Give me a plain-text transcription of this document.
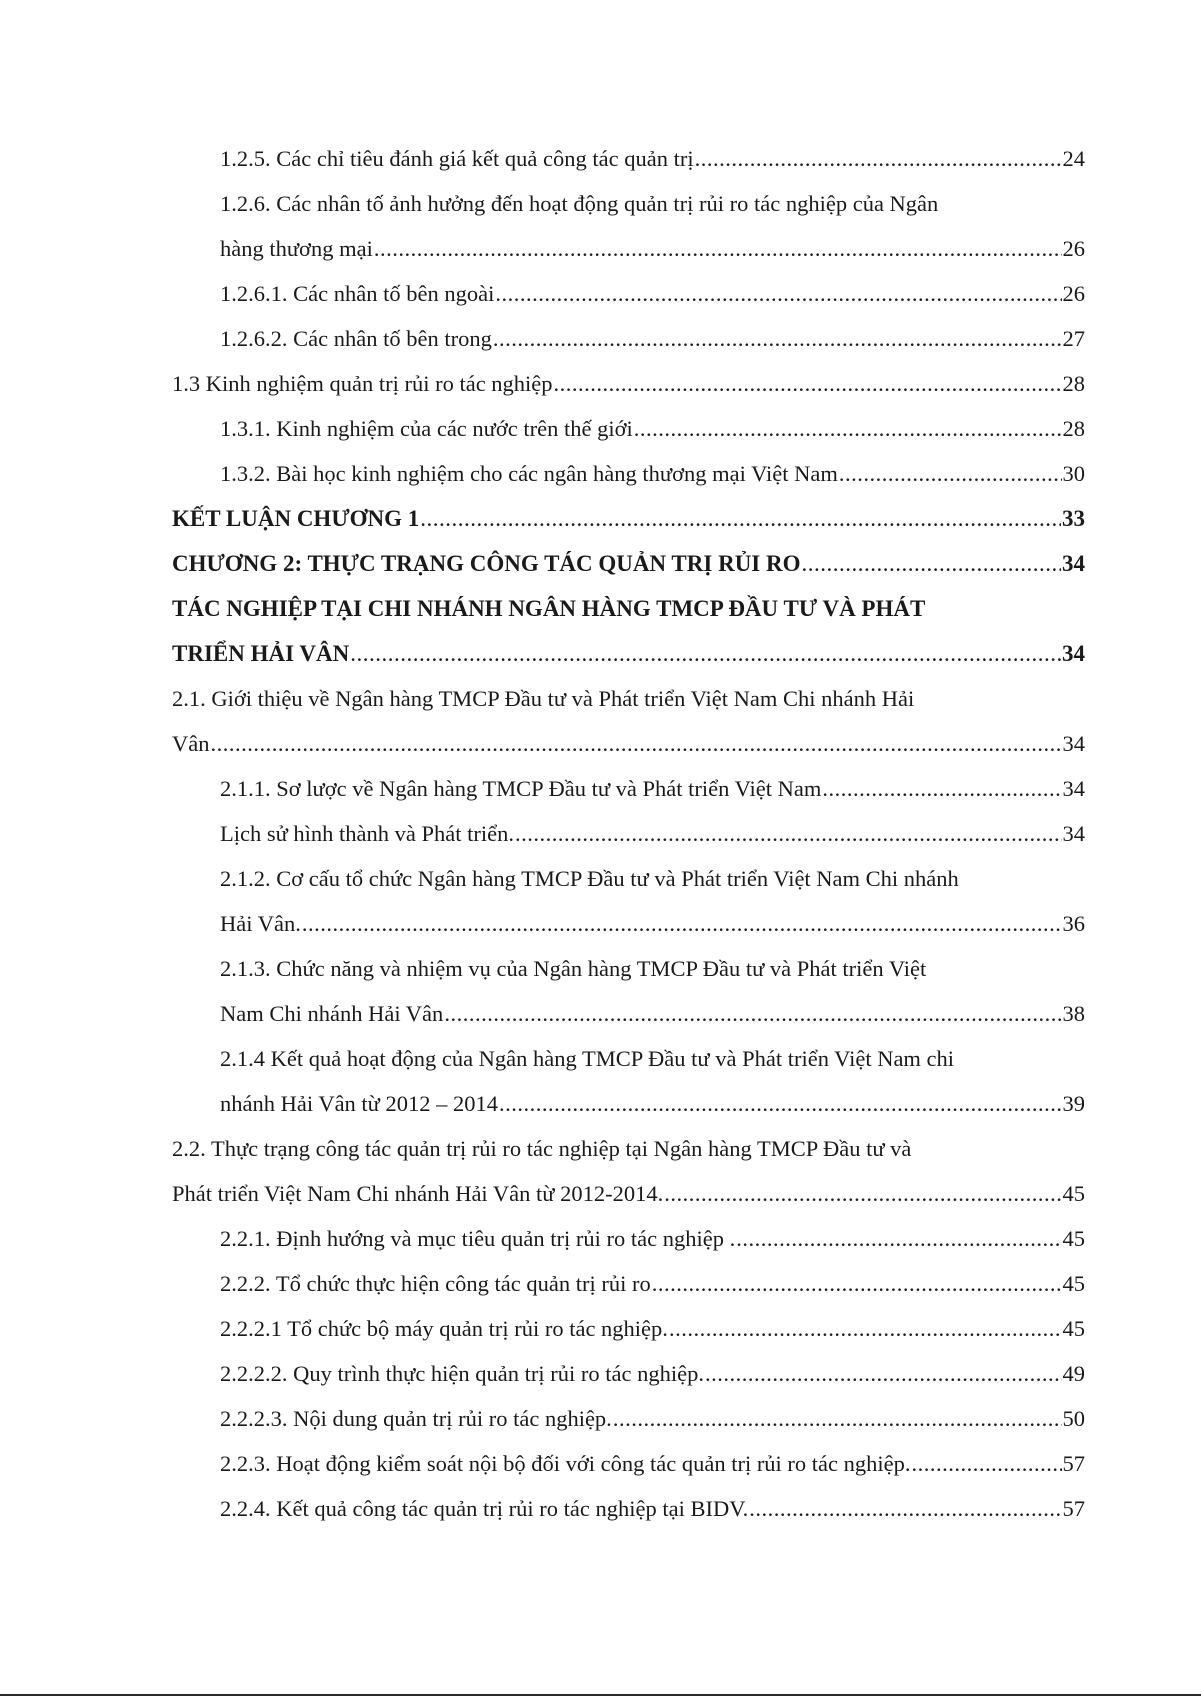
1.2.5. Các chỉ tiêu đánh giá kết quả công tác quản trị .....	24
1.2.6. Các nhân tố ảnh hưởng đến hoạt động quản trị rủi ro tác nghiệp của Ngân
hàng thương mại .....	26
1.2.6.1. Các nhân tố bên ngoài .....	26
1.2.6.2. Các nhân tố bên trong .....	27
1.3 Kinh nghiệm quản trị rủi ro tác nghiệp .....	28
1.3.1. Kinh nghiệm của các nước trên thế giới .....	28
1.3.2. Bài học kinh nghiệm cho các ngân hàng thương mại Việt Nam .....	30
KẾT LUẬN CHƯƠNG 1 .....	33
CHƯƠNG 2: THỰC TRẠNG CÔNG TÁC QUẢN TRỊ RỦI RO .....	34
TÁC NGHIỆP TẠI CHI NHÁNH NGÂN HÀNG TMCP ĐẦU TƯ VÀ PHÁT
TRIỂN HẢI VÂN .....	34
2.1. Giới thiệu về Ngân hàng TMCP Đầu tư và Phát triển Việt Nam Chi nhánh Hải
Vân .....	34
2.1.1. Sơ lược về Ngân hàng TMCP Đầu tư và Phát triển Việt Nam .....	34
Lịch sử hình thành và Phát triển. .....	34
2.1.2. Cơ cấu tổ chức Ngân hàng TMCP Đầu tư và Phát triển Việt Nam Chi nhánh
Hải Vân. .....	36
2.1.3. Chức năng và nhiệm vụ của Ngân hàng TMCP Đầu tư và Phát triển Việt
Nam Chi nhánh Hải Vân .....	38
2.1.4 Kết quả hoạt động của Ngân hàng TMCP Đầu tư và Phát triển Việt Nam chi
nhánh Hải Vân từ 2012 – 2014 .....	39
2.2. Thực trạng công tác quản trị rủi ro tác nghiệp tại Ngân hàng TMCP Đầu tư và
Phát triển Việt Nam Chi nhánh Hải Vân từ 2012-2014. .....	45
2.2.1. Định hướng và mục tiêu quản trị rủi ro tác nghiệp . .....	45
2.2.2. Tổ chức thực hiện công tác quản trị rủi ro .....	45
2.2.2.1 Tổ chức bộ máy quản trị rủi ro tác nghiệp. .....	45
2.2.2.2. Quy trình thực hiện quản trị rủi ro tác nghiệp. .....	49
2.2.2.3. Nội dung quản trị rủi ro tác nghiệp. .....	50
2.2.3. Hoạt động kiểm soát nội bộ đối với công tác quản trị rủi ro tác nghiệp. .....	57
2.2.4. Kết quả công tác quản trị rủi ro tác nghiệp tại BIDV. .....	57
